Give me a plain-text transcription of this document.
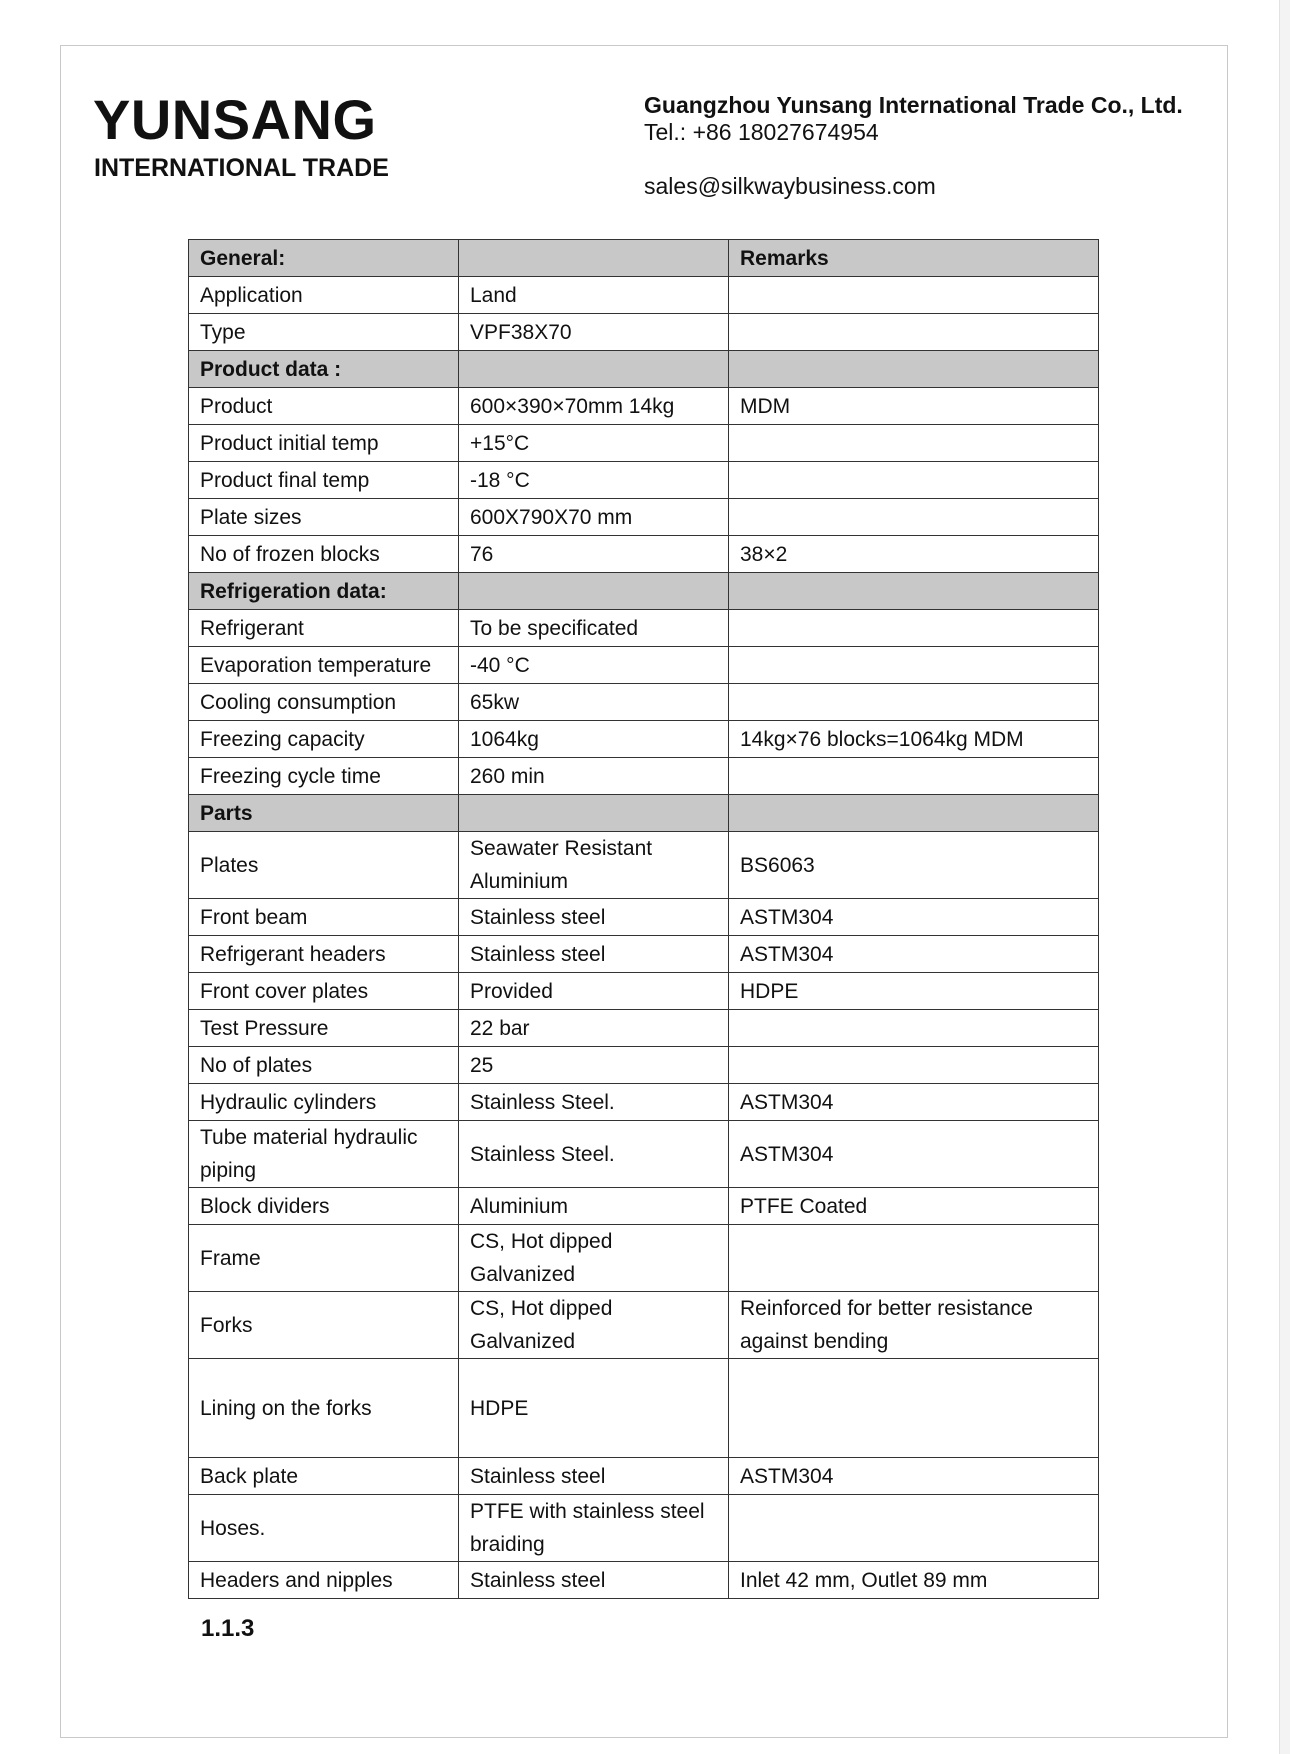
YUNSANG
INTERNATIONAL TRADE
Guangzhou Yunsang International Trade Co., Ltd.
Tel.: +86 18027674954
sales@silkwaybusiness.com
General:		Remarks
Application	Land	
Type	VPF38X70	
Product data :		
Product	600×390×70mm 14kg	MDM
Product initial temp	+15°C	
Product final temp	-18 °C	
Plate sizes	600X790X70 mm	
No of frozen blocks	76	38×2
Refrigeration data:		
Refrigerant	To be specificated	
Evaporation temperature	-40 °C	
Cooling consumption	65kw	
Freezing capacity	1064kg	14kg×76 blocks=1064kg MDM
Freezing cycle time	260 min	
Parts		
Plates	Seawater Resistant Aluminium	BS6063
Front beam	Stainless steel	ASTM304
Refrigerant headers	Stainless steel	ASTM304
Front cover plates	Provided	HDPE
Test Pressure	22 bar	
No of plates	25	
Hydraulic cylinders	Stainless Steel.	ASTM304
Tube material hydraulic piping	Stainless Steel.	ASTM304
Block dividers	Aluminium	PTFE Coated
Frame	CS, Hot dipped Galvanized	
Forks	CS, Hot dipped Galvanized	Reinforced for better resistance against bending
Lining on the forks	HDPE	
Back plate	Stainless steel	ASTM304
Hoses.	PTFE with stainless steel braiding	
Headers and nipples	Stainless steel	Inlet 42 mm, Outlet 89 mm
1.1.3
